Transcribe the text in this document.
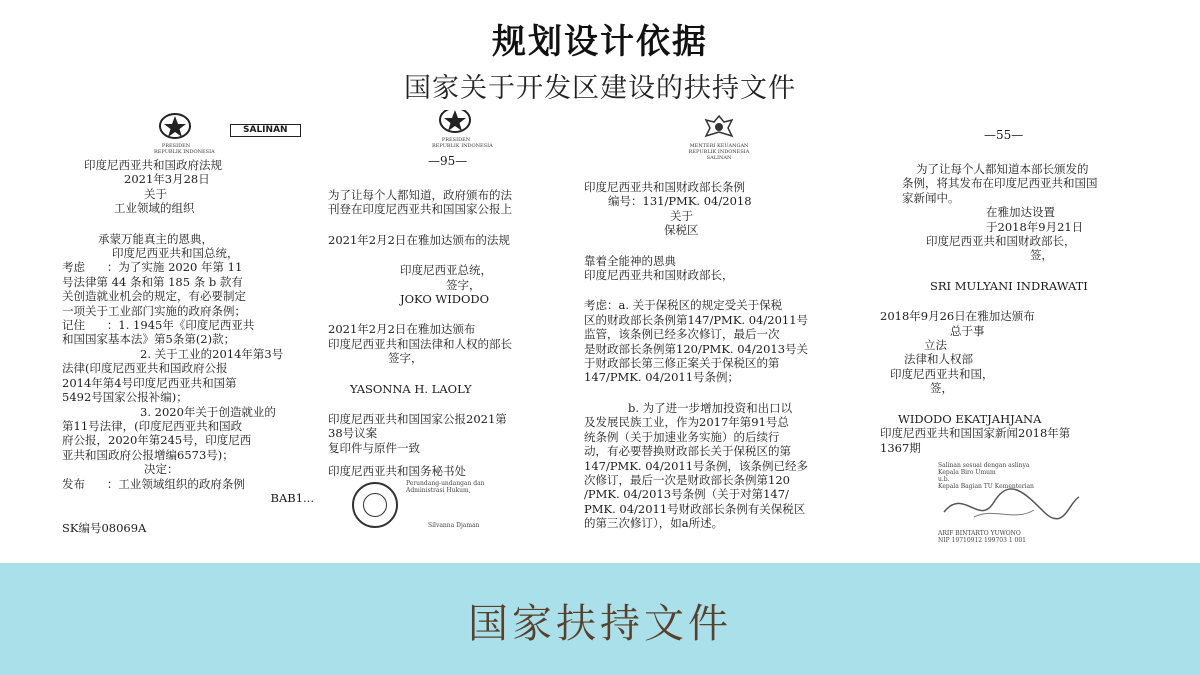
规划设计依据
国家关于开发区建设的扶持文件
PRESIDEN
REPUBLIK INDONESIA
SALINAN
印度尼西亚共和国政府法规
2021年3月28日
关于
工业领域的组织
承蒙万能真主的恩典，
印度尼西亚共和国总统，
考虑      ：为了实施 2020 年第 11
号法律第 44 条和第 185 条 b 款有
关创造就业机会的规定，有必要制定
一项关于工业部门实施的政府条例；
记住      ：1. 1945年《印度尼西亚共
和国国家基本法》第5条第(2)款；
2. 关于工业的2014年第3号
法律(印度尼西亚共和国政府公报
2014年第4号印度尼西亚共和国第
5492号国家公报补编)；
3. 2020年关于创造就业的
第11号法律，(印度尼西亚共和国政
府公报，2020年第245号，印度尼西
亚共和国政府公报增编6573号)；
决定：
发布      ：工业领域组织的政府条例
BAB1...
SK编号08069A
PRESIDEN
REPUBLIK INDONESIA
—95—
为了让每个人都知道，政府颁布的法
刊登在印度尼西亚共和国国家公报上
2021年2月2日在雅加达颁布的法规
印度尼西亚总统，
签字，
JOKO WIDODO
2021年2月2日在雅加达颁布
印度尼西亚共和国法律和人权的部长
签字，
YASONNA H. LAOLY
印度尼西亚共和国国家公报2021第
38号议案
复印件与原件一致
印度尼西亚共和国务秘书处
Perundang-undangan dan
Administrasi Hukum,
Silvanna Djaman
MENTERI KEUANGAN
REPUBLIK INDONESIA
SALINAN
印度尼西亚共和国财政部长条例
编号：131/PMK. 04/2018
关于
保税区
靠着全能神的恩典
印度尼西亚共和国财政部长，
考虑：a. 关于保税区的规定受关于保税
区的财政部长条例第147/PMK. 04/2011号
监管，该条例已经多次修订，最后一次
是财政部长条例第120/PMK. 04/2013号关
于财政部长第三修正案关于保税区的第
147/PMK. 04/2011号条例；
b. 为了进一步增加投资和出口以
及发展民族工业，作为2017年第91号总
统条例（关于加速业务实施）的后续行
动，有必要替换财政部长关于保税区的第
147/PMK. 04/2011号条例，该条例已经多
次修订，最后一次是财政部长条例第120
/PMK. 04/2013号条例（关于对第147/
PMK. 04/2011号财政部长条例有关保税区
的第三次修订），如a所述。
—55—
为了让每个人都知道本部长颁发的
条例，将其发布在印度尼西亚共和国国
家新闻中。
在雅加达设置
于2018年9月21日
印度尼西亚共和国财政部长，
签，
SRI MULYANI INDRAWATI
2018年9月26日在雅加达颁布
总于事
立法
法律和人权部
印度尼西亚共和国，
签，
WIDODO EKATJAHJANA
印度尼西亚共和国国家新闻2018年第
1367期
Salinan sesuai dengan aslinya
Kepala Biro Umum
u.b.
Kepala Bagian TU Kementerian
ARIF BINTARTO YUWONO
NIP 19710912 199703 1 001
国家扶持文件
